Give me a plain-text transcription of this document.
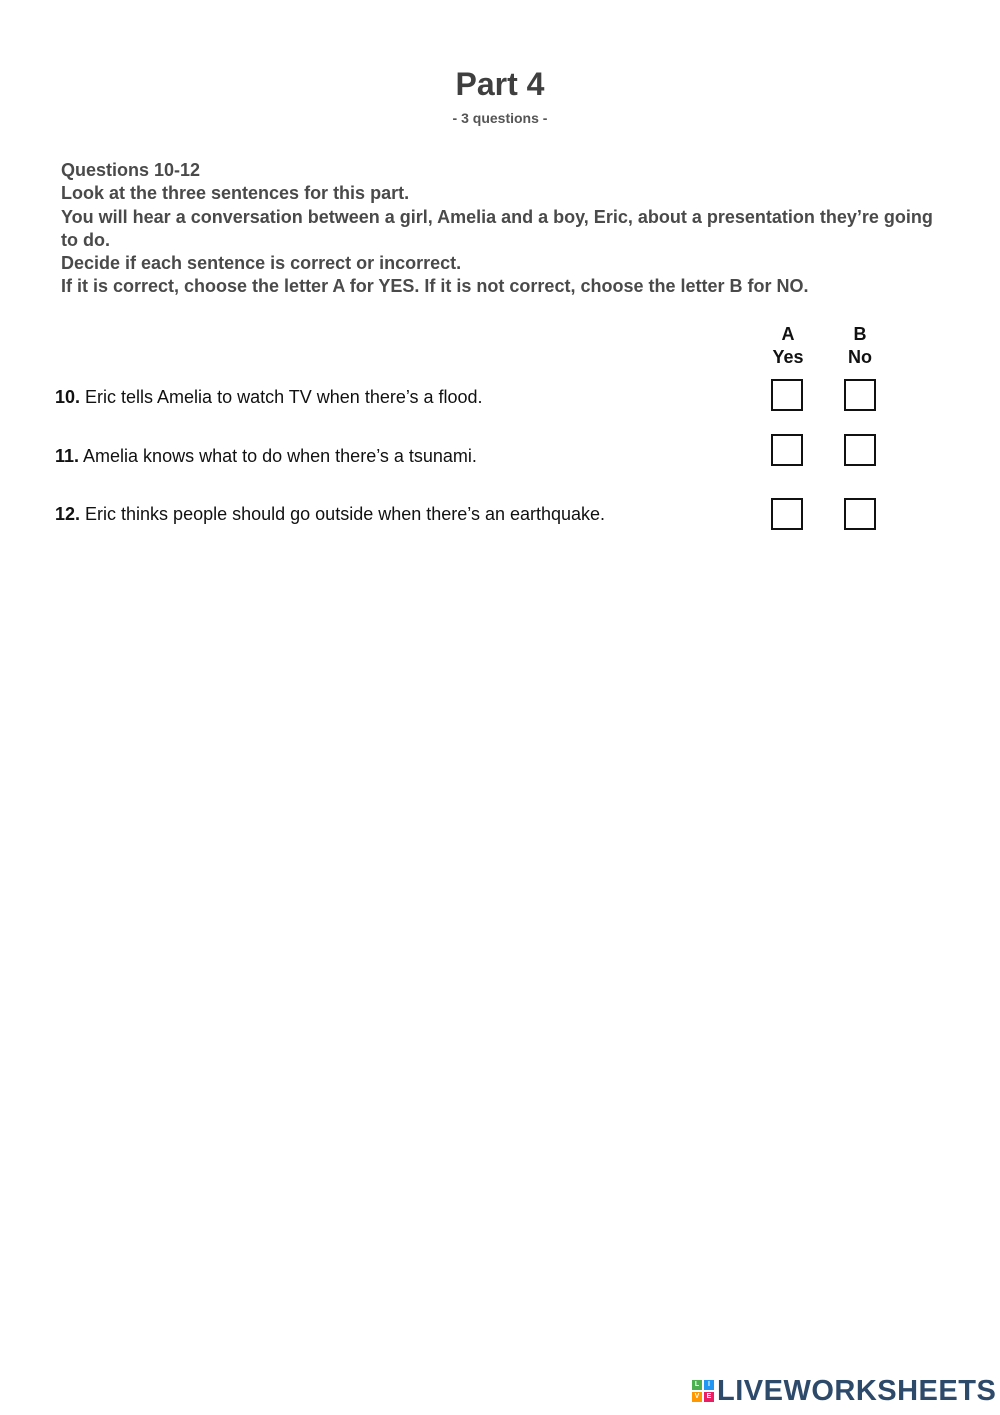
Part 4
- 3 questions -
Questions 10-12
Look at the three sentences for this part.
You will hear a conversation between a girl, Amelia and a boy, Eric, about a presentation they’re going to do.
Decide if each sentence is correct or incorrect.
If it is correct, choose the letter A for YES. If it is not correct, choose the letter B for NO.
A
Yes
B
No
10. Eric tells Amelia to watch TV when there’s a flood.
11. Amelia knows what to do when there’s a tsunami.
12. Eric thinks people should go outside when there’s an earthquake.
L	I
V	E LIVEWORKSHEETS
